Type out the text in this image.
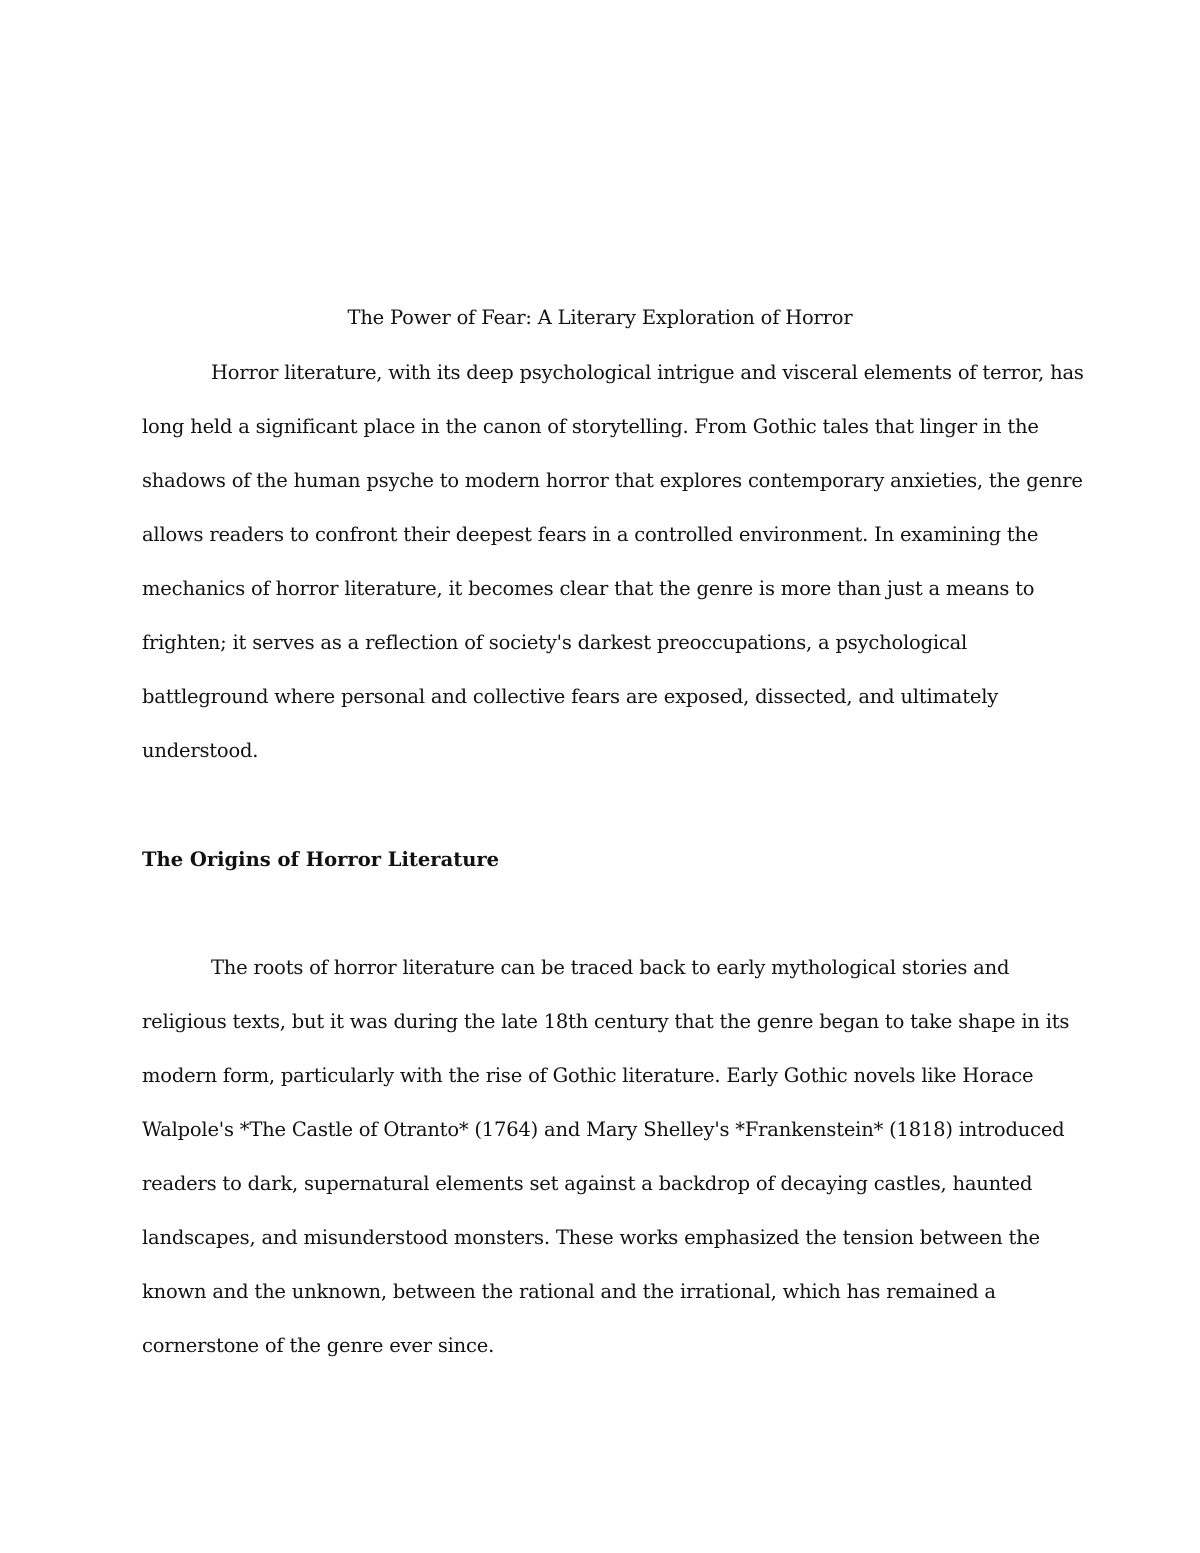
The Power of Fear: A Literary Exploration of Horror
Horror literature, with its deep psychological intrigue and visceral elements of terror, has
long held a significant place in the canon of storytelling. From Gothic tales that linger in the
shadows of the human psyche to modern horror that explores contemporary anxieties, the genre
allows readers to confront their deepest fears in a controlled environment. In examining the
mechanics of horror literature, it becomes clear that the genre is more than just a means to
frighten; it serves as a reflection of society's darkest preoccupations, a psychological
battleground where personal and collective fears are exposed, dissected, and ultimately
understood.
The Origins of Horror Literature
The roots of horror literature can be traced back to early mythological stories and
religious texts, but it was during the late 18th century that the genre began to take shape in its
modern form, particularly with the rise of Gothic literature. Early Gothic novels like Horace
Walpole's *The Castle of Otranto* (1764) and Mary Shelley's *Frankenstein* (1818) introduced
readers to dark, supernatural elements set against a backdrop of decaying castles, haunted
landscapes, and misunderstood monsters. These works emphasized the tension between the
known and the unknown, between the rational and the irrational, which has remained a
cornerstone of the genre ever since.
